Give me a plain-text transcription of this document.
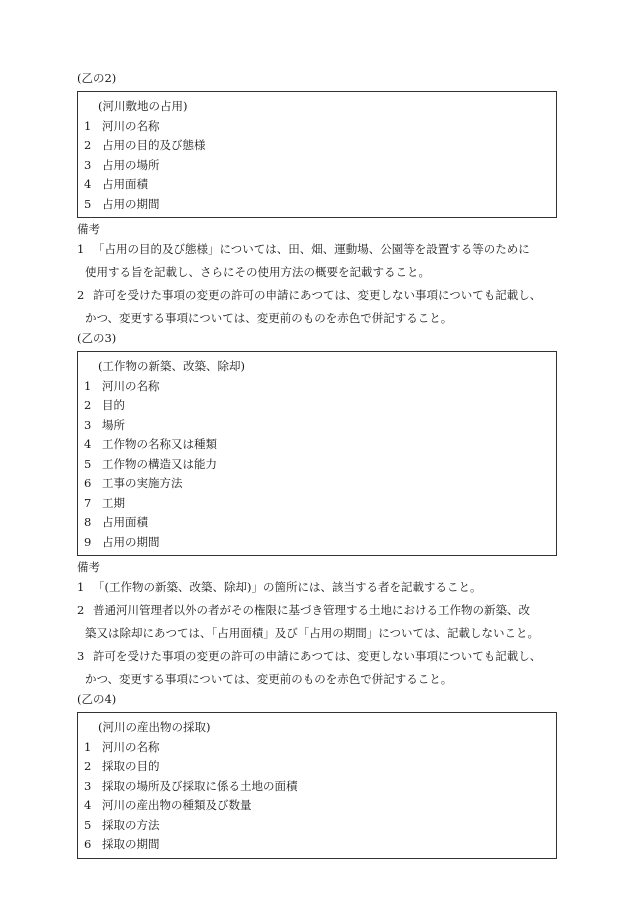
(乙の2)
(河川敷地の占用)
1 河川の名称
2 占用の目的及び態様
3 占用の場所
4 占用面積
5 占用の期間
備考
1 「占用の目的及び態様」については、田、畑、運動場、公園等を設置する等のために
使用する旨を記載し、さらにその使用方法の概要を記載すること。
2 許可を受けた事項の変更の許可の申請にあつては、変更しない事項についても記載し、
かつ、変更する事項については、変更前のものを赤色で併記すること。
(乙の3)
(工作物の新築、改築、除却)
1 河川の名称
2 目的
3 場所
4 工作物の名称又は種類
5 工作物の構造又は能力
6 工事の実施方法
7 工期
8 占用面積
9 占用の期間
備考
1 「(工作物の新築、改築、除却)」の箇所には、該当する者を記載すること。
2 普通河川管理者以外の者がその権限に基づき管理する土地における工作物の新築、改
築又は除却にあつては、「占用面積」及び「占用の期間」については、記載しないこと。
3 許可を受けた事項の変更の許可の申請にあつては、変更しない事項についても記載し、
かつ、変更する事項については、変更前のものを赤色で併記すること。
(乙の4)
(河川の産出物の採取)
1 河川の名称
2 採取の目的
3 採取の場所及び採取に係る土地の面積
4 河川の産出物の種類及び数量
5 採取の方法
6 採取の期間
